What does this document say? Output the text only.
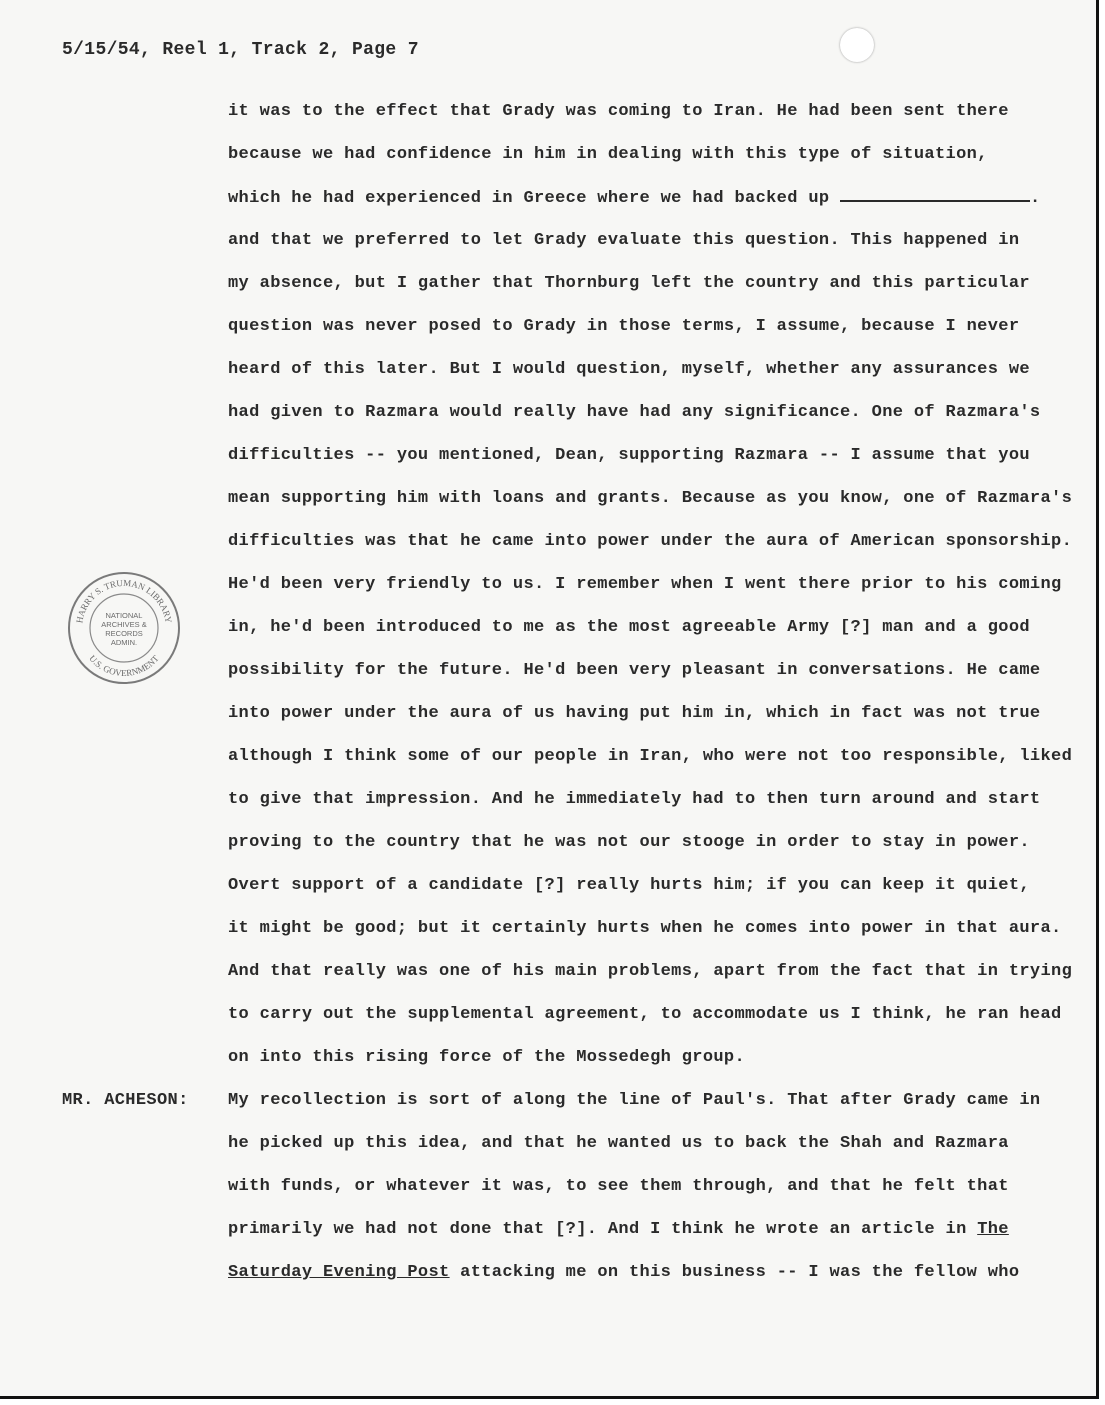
5/15/54, Reel 1, Track 2, Page 7
it was to the effect that Grady was coming to Iran. He had been sent there
because we had confidence in him in dealing with this type of situation,
which he had experienced in Greece where we had backed up	.
and that we preferred to let Grady evaluate this question. This happened in
my absence, but I gather that Thornburg left the country and this particular
question was never posed to Grady in those terms, I assume, because I never
heard of this later. But I would question, myself, whether any assurances we
had given to Razmara would really have had any significance. One of Razmara's
difficulties -- you mentioned, Dean, supporting Razmara -- I assume that you
mean supporting him with loans and grants. Because as you know, one of Razmara's
difficulties was that he came into power under the aura of American sponsorship.
He'd been very friendly to us. I remember when I went there prior to his coming
in, he'd been introduced to me as the most agreeable Army [?] man and a good
possibility for the future. He'd been very pleasant in conversations. He came
into power under the aura of us having put him in, which in fact was not true
although I think some of our people in Iran, who were not too responsible, liked
to give that impression. And he immediately had to then turn around and start
proving to the country that he was not our stooge in order to stay in power.
Overt support of a candidate [?] really hurts him; if you can keep it quiet,
it might be good; but it certainly hurts when he comes into power in that aura.
And that really was one of his main problems, apart from the fact that in trying
to carry out the supplemental agreement, to accommodate us I think, he ran head
on into this rising force of the Mossedegh group.
MR. ACHESON: My recollection is sort of along the line of Paul's. That after Grady came in
he picked up this idea, and that he wanted us to back the Shah and Razmara
with funds, or whatever it was, to see them through, and that he felt that
primarily we had not done that [?]. And I think he wrote an article in The
Saturday Evening Post attacking me on this business -- I was the fellow who
HARRY S. TRUMAN LIBRARY
U.S. GOVERNMENT
NATIONAL
ARCHIVES &
RECORDS
ADMIN.
